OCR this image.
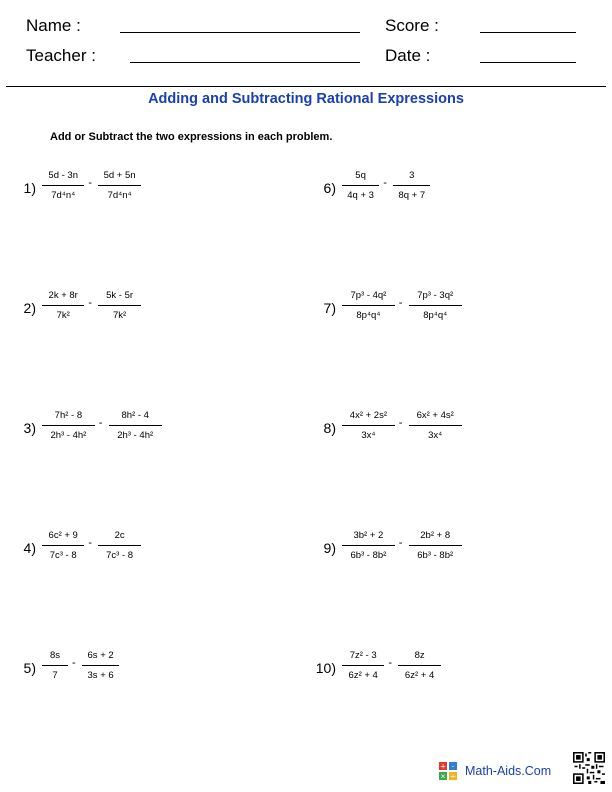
Name :	Score :
Teacher :	Date :
Adding and Subtracting Rational Expressions
Add or Subtract the two expressions in each problem.
1)
5d - 3n
7d⁴n⁴
-
5d + 5n
7d⁴n⁴
2)
2k + 8r
7k²
-
5k - 5r
7k²
3)
7h² - 8
2h³ - 4h²
-
8h² - 4
2h³ - 4h²
4)
6c² + 9
7c³ - 8
-
2c
7c³ - 8
5)
8s
7
-
6s + 2
3s + 6
6)
5q
4q + 3
-
3
8q + 7
7)
7p³ - 4q²
8p⁴q⁴
-
7p³ - 3q²
8p⁴q⁴
8)
4x² + 2s²
3x⁴
-
6x² + 4s²
3x⁴
9)
3b² + 2
6b³ - 8b²
-
2b² + 8
6b³ - 8b²
10)
7z² - 3
6z² + 4
-
8z
6z² + 4
+ -
× ÷ Math-Aids.Com
